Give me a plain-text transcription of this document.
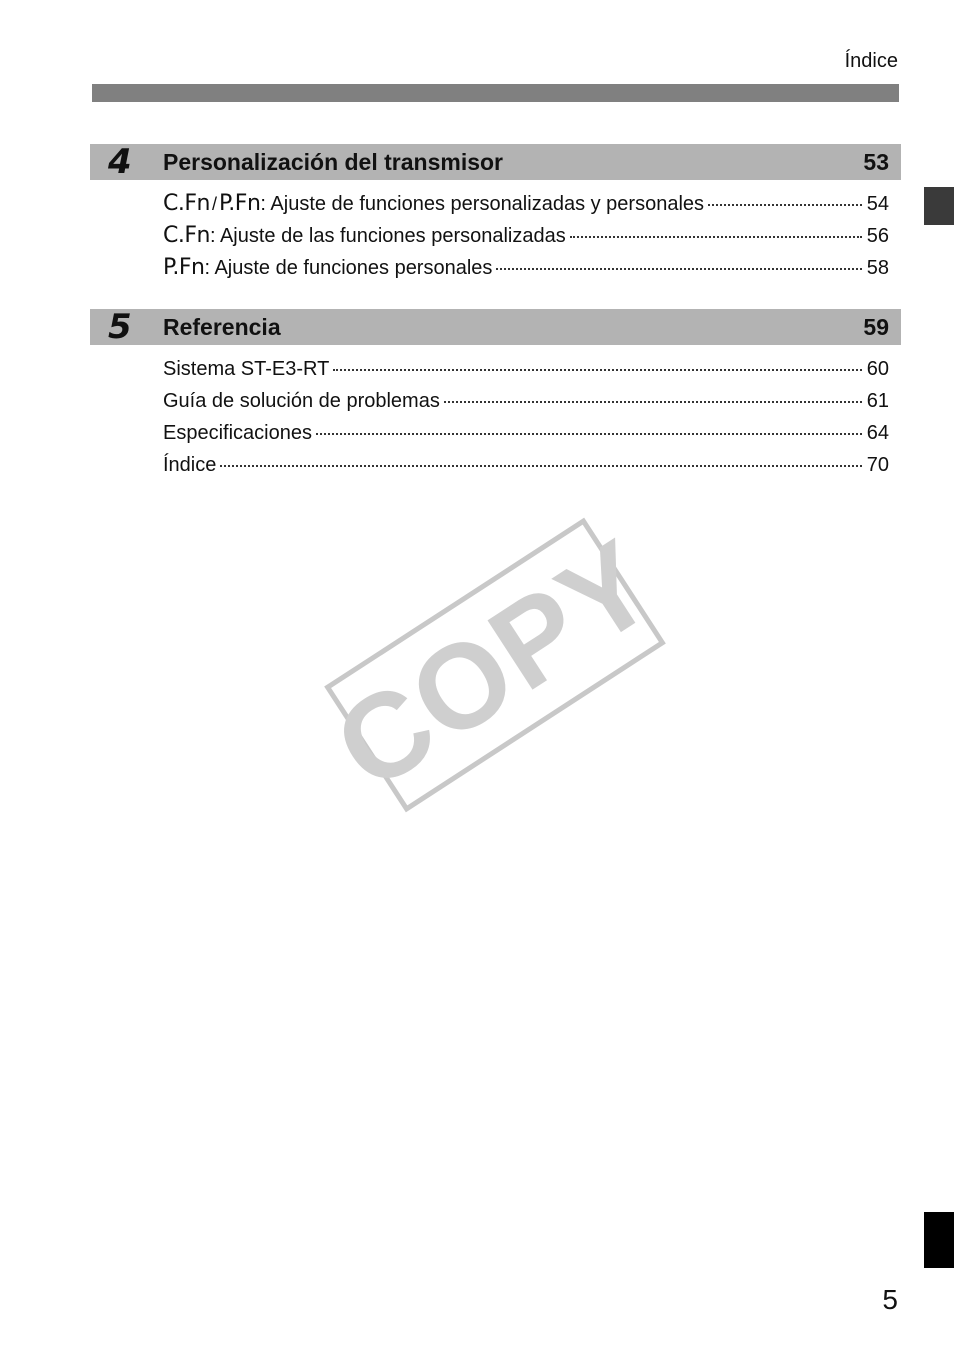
Índice
4 Personalización del transmisor	53
C.Fn /P.Fn: Ajuste de funciones personalizadas y personales	54
C.Fn: Ajuste de las funciones personalizadas	56
P.Fn: Ajuste de funciones personales	58
5 Referencia	59
Sistema ST-E3-RT	60
Guía de solución de problemas	61
Especificaciones	64
Índice	70
COPY
5
